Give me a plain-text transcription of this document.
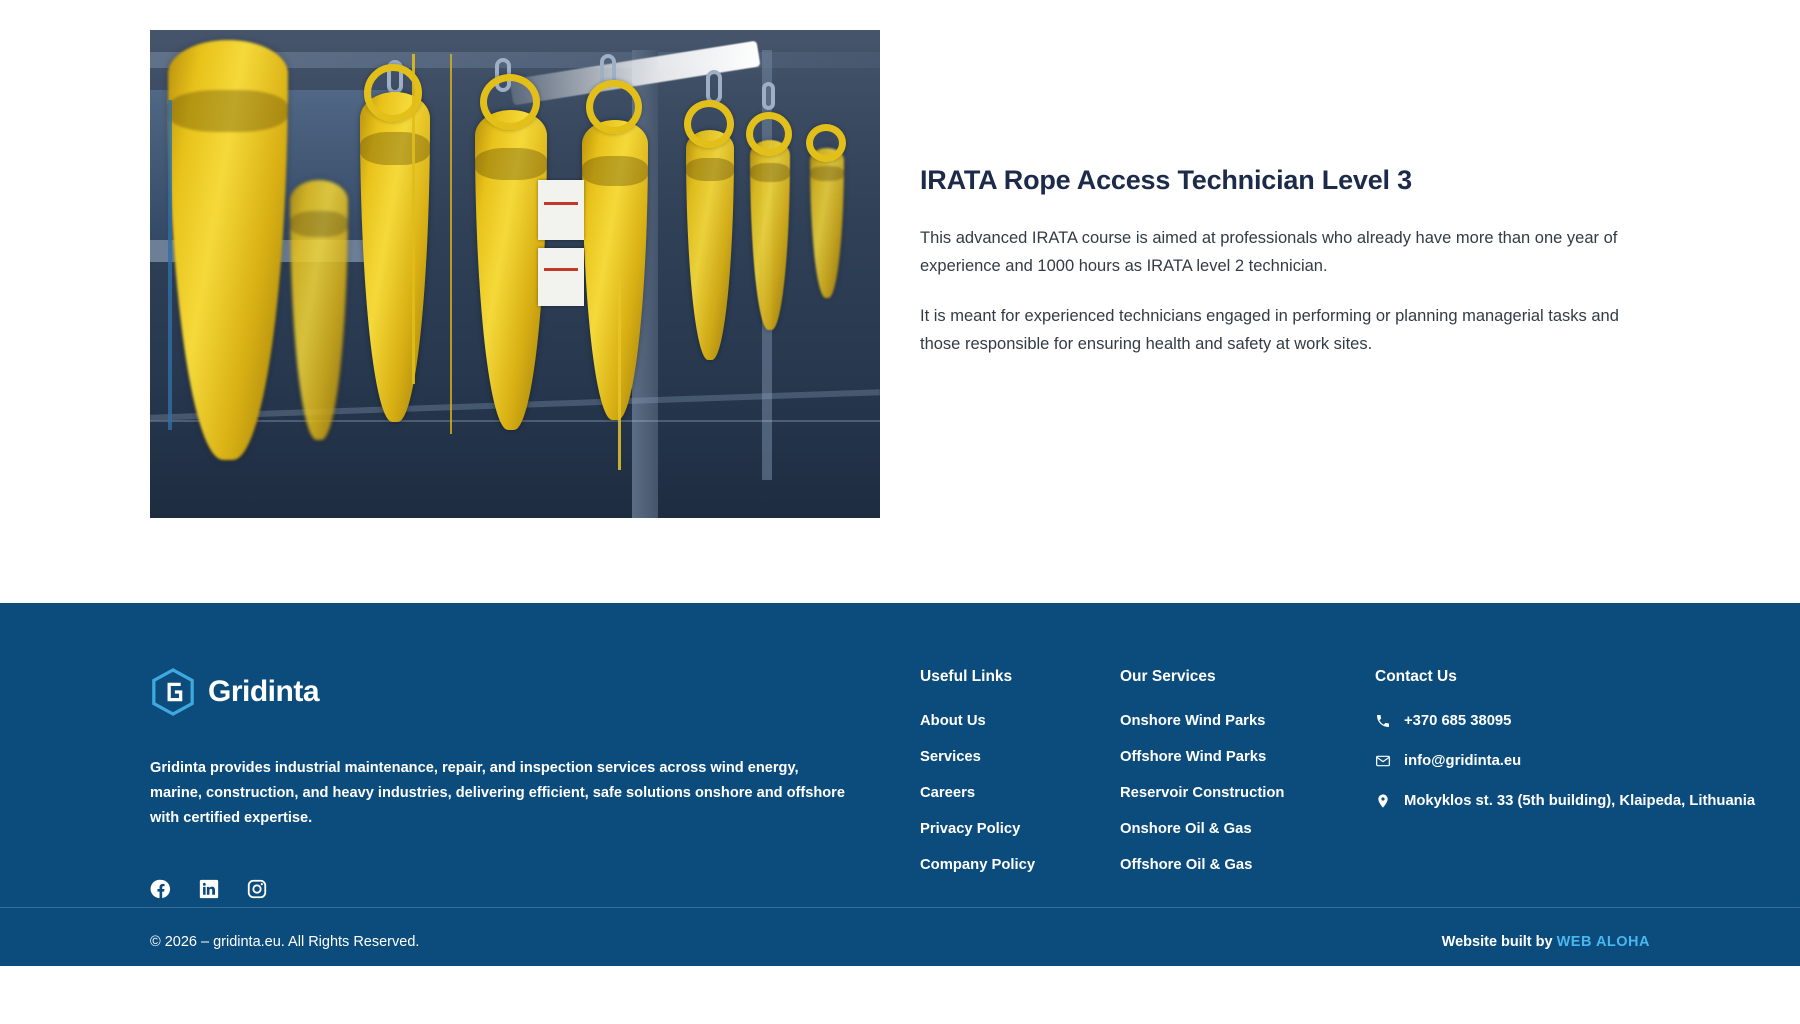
IRATA Rope Access Technician Level 3

This advanced IRATA course is aimed at professionals who already have more than one year of experience and 1000 hours as IRATA level 2 technician.

It is meant for experienced technicians engaged in performing or planning managerial tasks and those responsible for ensuring health and safety at work sites.

Gridinta

Gridinta provides industrial maintenance, repair, and inspection services across wind energy, marine, construction, and heavy industries, delivering efficient, safe solutions onshore and offshore with certified expertise.

Useful Links
About Us
Services
Careers
Privacy Policy
Company Policy
Our Services
Onshore Wind Parks
Offshore Wind Parks
Reservoir Construction
Onshore Oil & Gas
Offshore Oil & Gas
Contact Us
+370 685 38095
info@gridinta.eu
Mokyklos st. 33 (5th building), Klaipeda, Lithuania
© 2026 – gridinta.eu. All Rights Reserved.	Website built by WEB ALOHA
